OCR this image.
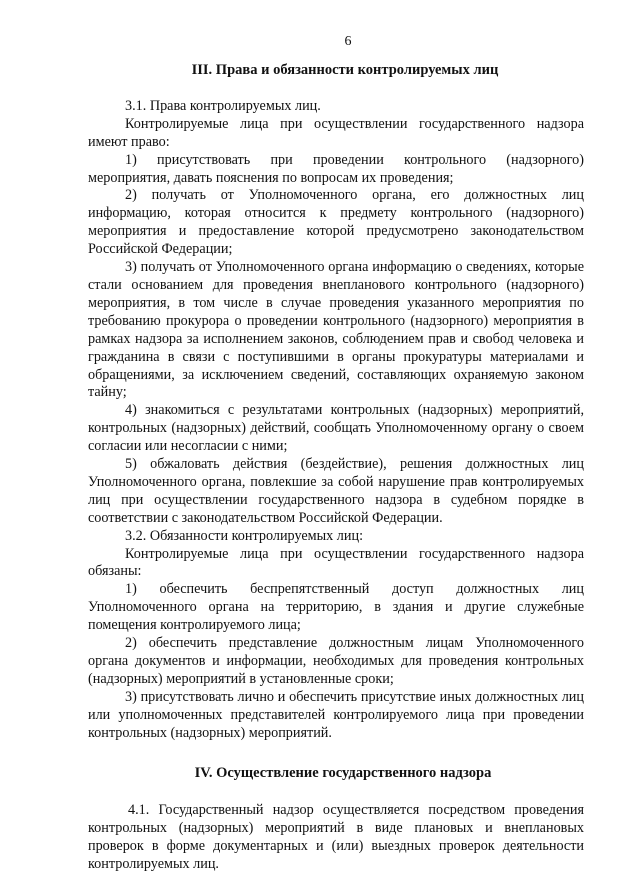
6
III. Права и обязанности контролируемых лиц

3.1. Права контролируемых лиц.

Контролируемые лица при осуществлении государственного надзора имеют право:

1) присутствовать при проведении контрольного (надзорного) мероприятия, давать пояснения по вопросам их проведения;

2) получать от Уполномоченного органа, его должностных лиц информацию, которая относится к предмету контрольного (надзорного) мероприятия и предоставление которой предусмотрено законодательством Российской Федерации;

3) получать от Уполномоченного органа информацию о сведениях, которые стали основанием для проведения внепланового контрольного (надзорного) мероприятия, в том числе в случае проведения указанного мероприятия по требованию прокурора о проведении контрольного (надзорного) мероприятия в рамках надзора за исполнением законов, соблюдением прав и свобод человека и гражданина в связи с поступившими в органы прокуратуры материалами и обращениями, за исключением сведений, составляющих охраняемую законом тайну;

4) знакомиться с результатами контрольных (надзорных) мероприятий, контрольных (надзорных) действий, сообщать Уполномоченному органу о своем согласии или несогласии с ними;

5) обжаловать действия (бездействие), решения должностных лиц Уполномоченного органа, повлекшие за собой нарушение прав контролируемых лиц при осуществлении государственного надзора в судебном порядке в соответствии с законодательством Российской Федерации.

3.2. Обязанности контролируемых лиц:

Контролируемые лица при осуществлении государственного надзора обязаны:

1) обеспечить беспрепятственный доступ должностных лиц Уполномоченного органа на территорию, в здания и другие служебные помещения контролируемого лица;

2) обеспечить представление должностным лицам Уполномоченного органа документов и информации, необходимых для проведения контрольных (надзорных) мероприятий в установленные сроки;

3) присутствовать лично и обеспечить присутствие иных должностных лиц или уполномоченных представителей контролируемого лица при проведении контрольных (надзорных) мероприятий.

IV. Осуществление государственного надзора

4.1. Государственный надзор осуществляется посредством проведения контрольных (надзорных) мероприятий в виде плановых и внеплановых проверок в форме документарных и (или) выездных проверок деятельности контролируемых лиц.
